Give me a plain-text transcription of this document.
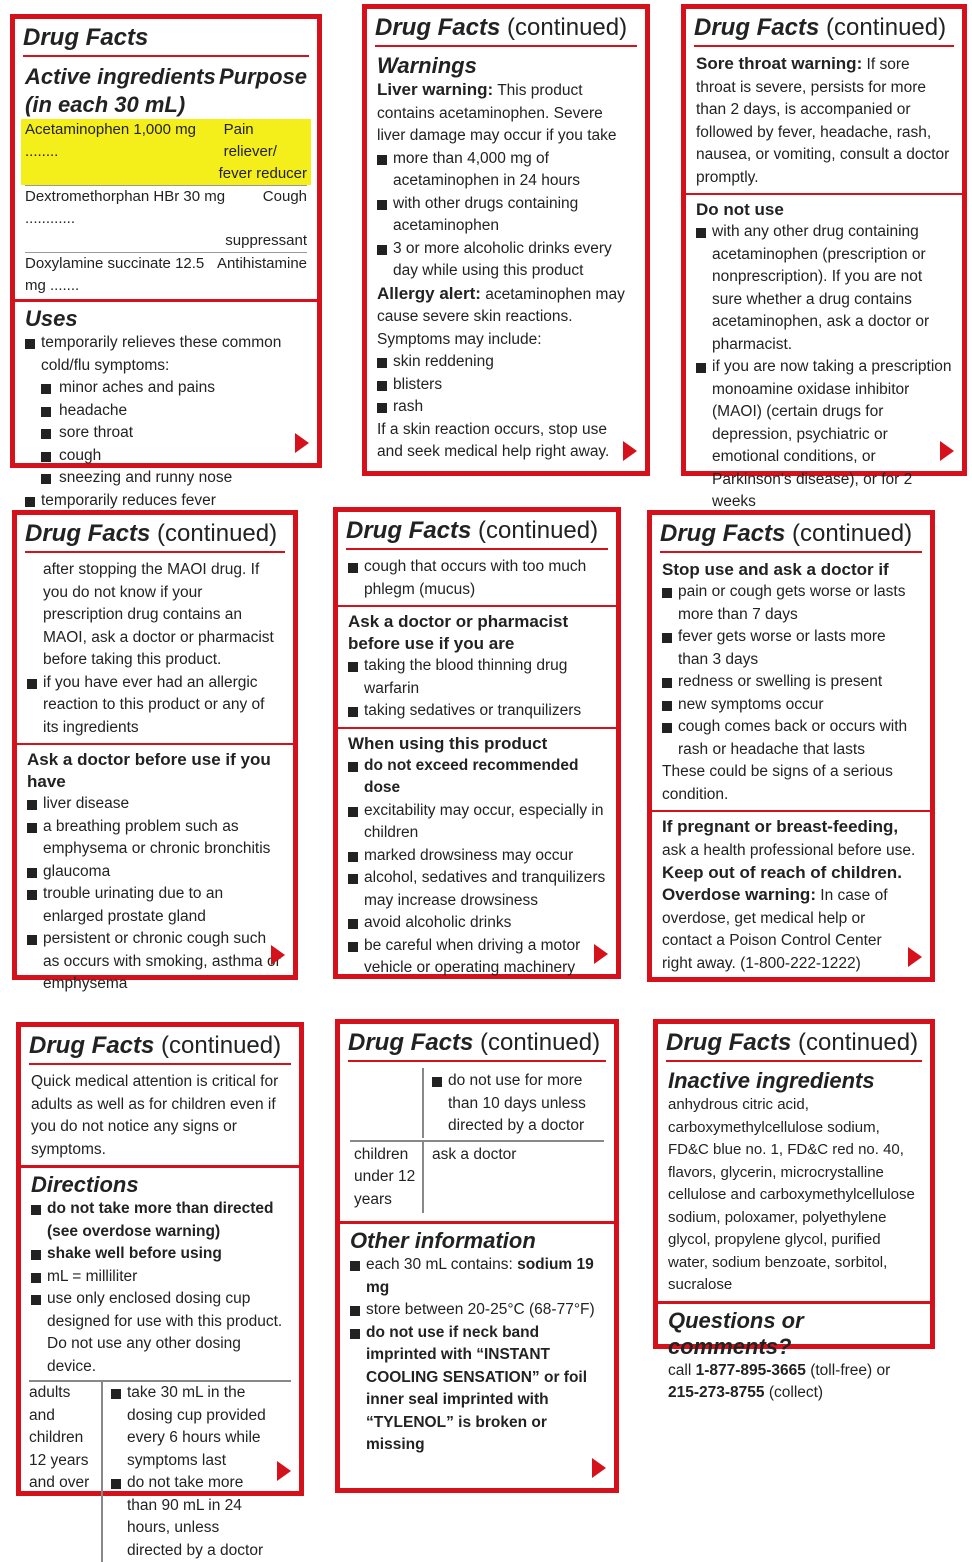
Drug Facts
Active ingredients (in each 30 mL)
Purpose
Acetaminophen 1,000 mg ........
Pain reliever/
fever reducer
Dextromethorphan HBr 30 mg ............
Cough
suppressant
Doxylamine succinate 12.5 mg .......
Antihistamine
Uses
temporarily relieves these common cold/flu symptoms:
minor aches and pains
headache
sore throat
cough
sneezing and runny nose
temporarily reduces fever
Drug Facts (continued)
Warnings
Liver warning: This product contains acetaminophen. Severe liver damage may occur if you take
more than 4,000 mg of acetaminophen in 24 hours
with other drugs containing acetaminophen
3 or more alcoholic drinks every day while using this product
Allergy alert: acetaminophen may cause severe skin reactions. Symptoms may include:
skin reddening
blisters
rash
If a skin reaction occurs, stop use and seek medical help right away.
Drug Facts (continued)
Sore throat warning: If sore throat is severe, persists for more than 2 days, is accompanied or followed by fever, headache, rash, nausea, or vomiting, consult a doctor promptly.
Do not use
with any other drug containing acetaminophen (prescription or nonprescription). If you are not sure whether a drug contains acetaminophen, ask a doctor or pharmacist.
if you are now taking a prescription monoamine oxidase inhibitor (MAOI) (certain drugs for depression, psychiatric or emotional conditions, or Parkinson's disease), or for 2 weeks
Drug Facts (continued)
after stopping the MAOI drug. If you do not know if your prescription drug contains an MAOI, ask a doctor or pharmacist before taking this product.
if you have ever had an allergic reaction to this product or any of its ingredients
Ask a doctor before use if you have
liver disease
a breathing problem such as emphysema or chronic bronchitis
glaucoma
trouble urinating due to an enlarged prostate gland
persistent or chronic cough such as occurs with smoking, asthma or emphysema
Drug Facts (continued)
cough that occurs with too much phlegm (mucus)
Ask a doctor or pharmacist before use if you are
taking the blood thinning drug warfarin
taking sedatives or tranquilizers
When using this product
do not exceed recommended dose
excitability may occur, especially in children
marked drowsiness may occur
alcohol, sedatives and tranquilizers may increase drowsiness
avoid alcoholic drinks
be careful when driving a motor vehicle or operating machinery
Drug Facts (continued)
Stop use and ask a doctor if
pain or cough gets worse or lasts more than 7 days
fever gets worse or lasts more than 3 days
redness or swelling is present
new symptoms occur
cough comes back or occurs with rash or headache that lasts
These could be signs of a serious condition.
If pregnant or breast-feeding, ask a health professional before use.
Keep out of reach of children.
Overdose warning: In case of overdose, get medical help or contact a Poison Control Center right away. (1-800-222-1222)
Drug Facts (continued)
Quick medical attention is critical for adults as well as for children even if you do not notice any signs or symptoms.
Directions
do not take more than directed (see overdose warning)
shake well before using
mL = milliliter
use only enclosed dosing cup designed for use with this product. Do not use any other dosing device.
adults and children 12 years and over
take 30 mL in the dosing cup provided every 6 hours while symptoms last
do not take more than 90 mL in 24 hours, unless directed by a doctor
Drug Facts (continued)
do not use for more than 10 days unless directed by a doctor
children under 12 years
ask a doctor
Other information
each 30 mL contains: sodium 19 mg
store between 20-25°C (68-77°F)
do not use if neck band imprinted with “INSTANT COOLING SENSATION” or foil inner seal imprinted with “TYLENOL” is broken or missing
Drug Facts (continued)
Inactive ingredients
anhydrous citric acid, carboxymethylcellulose sodium, FD&C blue no. 1, FD&C red no. 40, flavors, glycerin, microcrystalline cellulose and carboxymethylcellulose sodium, poloxamer, polyethylene glycol, propylene glycol, purified water, sodium benzoate, sorbitol, sucralose
Questions or comments?
call 1-877-895-3665 (toll-free) or
215-273-8755 (collect)
